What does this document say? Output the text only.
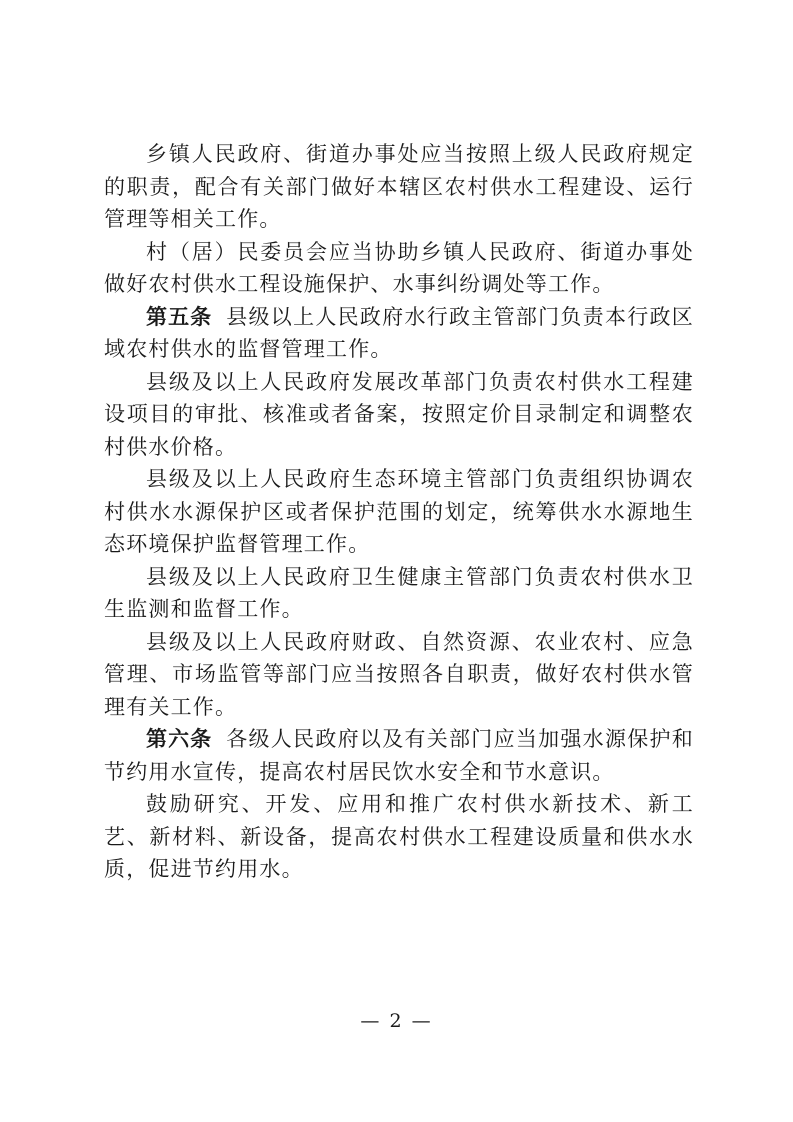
乡镇人民政府、街道办事处应当按照上级人民政府规定的职责，配合有关部门做好本辖区农村供水工程建设、运行管理等相关工作。

村（居）民委员会应当协助乡镇人民政府、街道办事处做好农村供水工程设施保护、水事纠纷调处等工作。

第五条 县级以上人民政府水行政主管部门负责本行政区域农村供水的监督管理工作。

县级及以上人民政府发展改革部门负责农村供水工程建设项目的审批、核准或者备案，按照定价目录制定和调整农村供水价格。

县级及以上人民政府生态环境主管部门负责组织协调农村供水水源保护区或者保护范围的划定，统筹供水水源地生态环境保护监督管理工作。

县级及以上人民政府卫生健康主管部门负责农村供水卫生监测和监督工作。

县级及以上人民政府财政、自然资源、农业农村、应急管理、市场监管等部门应当按照各自职责，做好农村供水管理有关工作。

第六条 各级人民政府以及有关部门应当加强水源保护和节约用水宣传，提高农村居民饮水安全和节水意识。

鼓励研究、开发、应用和推广农村供水新技术、新工艺、新材料、新设备，提高农村供水工程建设质量和供水水质，促进节约用水。

— 2 —
